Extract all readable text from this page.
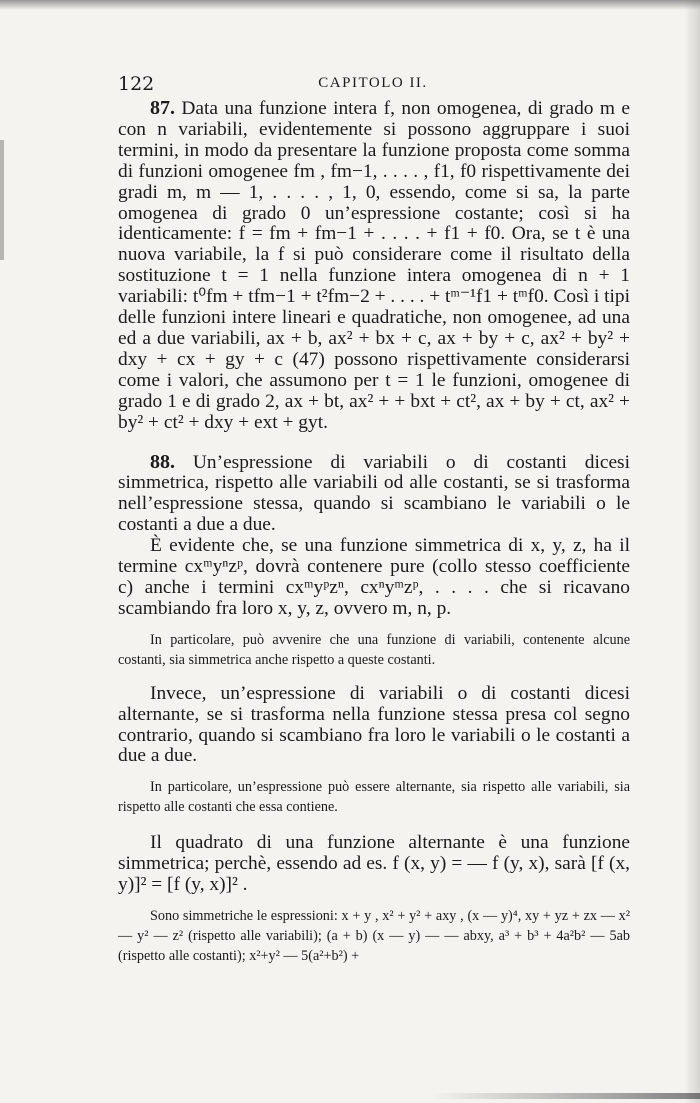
122	CAPITOLO II.

87. Data una funzione intera f, non omogenea, di grado m e con n variabili, evidentemente si possono aggruppare i suoi termini, in modo da presentare la funzione proposta come somma di funzioni omogenee fm , fm−1, . . . . , f1, f0 rispettivamente dei gradi m, m — 1, . . . . , 1, 0, essendo, come si sa, la parte omogenea di grado 0 un’espressione costante; così si ha identicamente: f = fm + fm−1 + . . . . + f1 + f0. Ora, se t è una nuova variabile, la f si può considerare come il risultato della sostituzione t = 1 nella funzione intera omogenea di n + 1 variabili: t⁰fm + tfm−1 + t²fm−2 + . . . . + tᵐ⁻¹f1 + tᵐf0. Così i tipi delle funzioni intere lineari e quadratiche, non omogenee, ad una ed a due variabili, ax + b, ax² + bx + c, ax + by + c, ax² + by² + dxy + cx + gy + c (47) possono rispettivamente considerarsi come i valori, che assumono per t = 1 le funzioni, omogenee di grado 1 e di grado 2, ax + bt, ax² + + bxt + ct², ax + by + ct, ax² + by² + ct² + dxy + ext + gyt.

88. Un’espressione di variabili o di costanti dicesi simmetrica, rispetto alle variabili od alle costanti, se si trasforma nell’espressione stessa, quando si scambiano le variabili o le costanti a due a due.

È evidente che, se una funzione simmetrica di x, y, z, ha il termine cxᵐyⁿzᵖ, dovrà contenere pure (collo stesso coefficiente c) anche i termini cxᵐyᵖzⁿ, cxⁿyᵐzᵖ, . . . . che si ricavano scambiando fra loro x, y, z, ovvero m, n, p.

In particolare, può avvenire che una funzione di variabili, contenente alcune costanti, sia simmetrica anche rispetto a queste costanti.

Invece, un’espressione di variabili o di costanti dicesi alternante, se si trasforma nella funzione stessa presa col segno contrario, quando si scambiano fra loro le variabili o le costanti a due a due.

In particolare, un’espressione può essere alternante, sia rispetto alle variabili, sia rispetto alle costanti che essa contiene.

Il quadrato di una funzione alternante è una funzione simmetrica; perchè, essendo ad es. f (x, y) = — f (y, x), sarà [f (x, y)]² = [f (y, x)]² .

Sono simmetriche le espressioni: x + y , x² + y² + axy , (x — y)⁴, xy + yz + zx — x² — y² — z² (rispetto alle variabili); (a + b) (x — y) — — abxy, a³ + b³ + 4a²b² — 5ab (rispetto alle costanti); x²+y² — 5(a²+b²) +
